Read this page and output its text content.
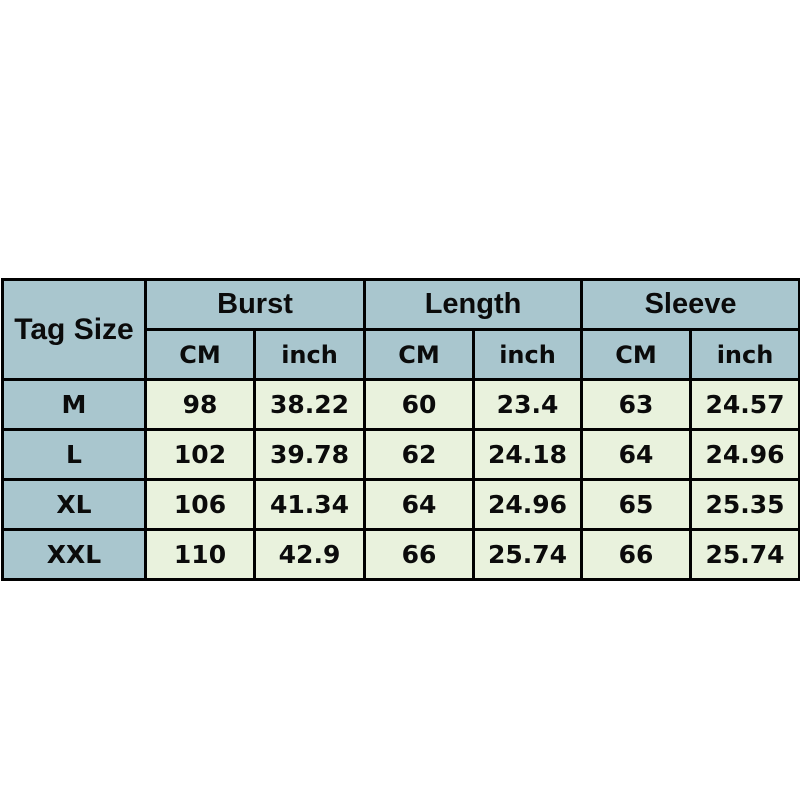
Tag Size	Burst		Length		Sleeve	
	CM	inch	CM	inch	CM	inch
M	98	38.22	60	23.4	63	24.57
L	102	39.78	62	24.18	64	24.96
XL	106	41.34	64	24.96	65	25.35
XXL	110	42.9	66	25.74	66	25.74
